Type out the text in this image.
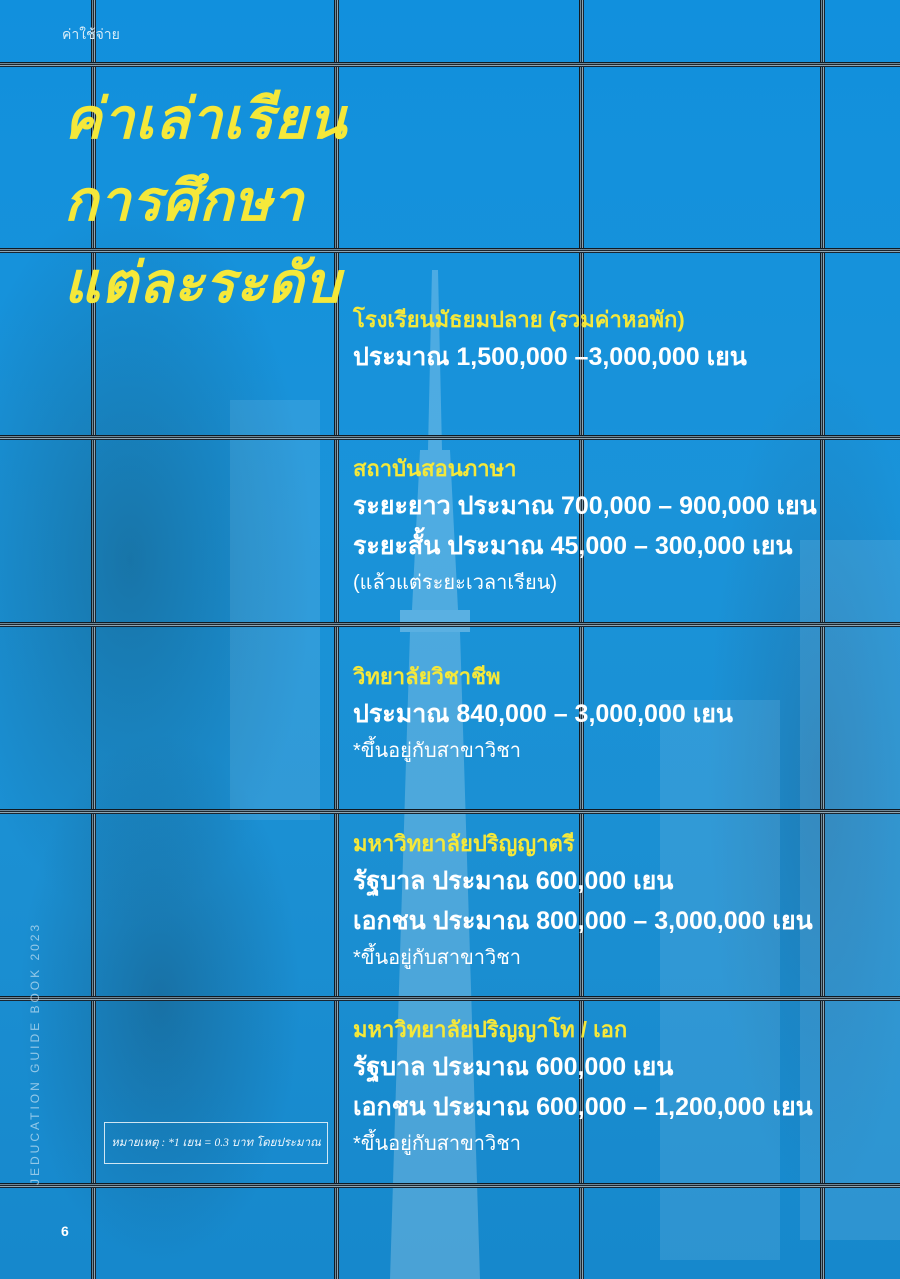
ค่าใช้จ่าย
ค่าเล่าเรียน
การศึกษา
แต่ละระดับ
โรงเรียนมัธยมปลาย (รวมค่าหอพัก)
ประมาณ 1,500,000 –3,000,000 เยน
สถาบันสอนภาษา
ระยะยาว ประมาณ 700,000 – 900,000 เยน
ระยะสั้น ประมาณ 45,000 – 300,000 เยน
(แล้วแต่ระยะเวลาเรียน)
วิทยาลัยวิชาชีพ
ประมาณ 840,000 – 3,000,000 เยน
*ขึ้นอยู่กับสาขาวิชา
มหาวิทยาลัยปริญญาตรี
รัฐบาล ประมาณ 600,000 เยน
เอกชน ประมาณ 800,000 – 3,000,000 เยน
*ขึ้นอยู่กับสาขาวิชา
มหาวิทยาลัยปริญญาโท / เอก
รัฐบาล ประมาณ 600,000 เยน
เอกชน ประมาณ 600,000 – 1,200,000 เยน
*ขึ้นอยู่กับสาขาวิชา
หมายเหตุ : *1 เยน = 0.3 บาท โดยประมาณ
JEDUCATION GUIDE BOOK 2023
6
